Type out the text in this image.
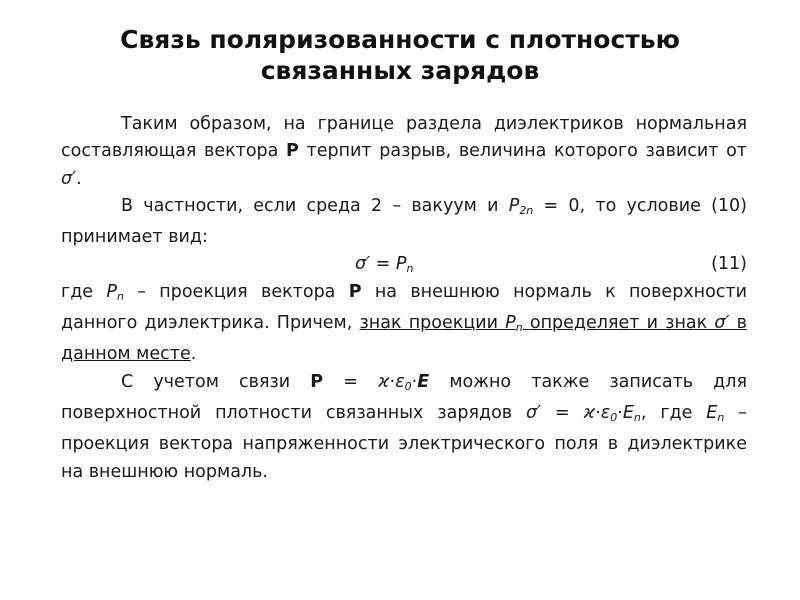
Связь поляризованности с плотностью
связанных зарядов

Таким образом, на границе раздела диэлектриков нормальная составляющая вектора P терпит разрыв, величина которого зависит от σ′.

В частности, если среда 2 – вакуум и $P_{2n} = 0$, то условие (10) принимает вид:

$\sigma' = P_n$	(11)

где $P_n$ – проекция вектора P на внешнюю нормаль к поверхности данного диэлектрика. Причем, знак проекции $P_n$ определяет и знак σ′ в данном месте.

С учетом связи $P = ϰ\cdot\varepsilon_0\cdot E$ можно также записать для поверхностной плотности связанных зарядов $\sigma' = ϰ\cdot\varepsilon_0\cdot E_n$, где $E_n$ – проекция вектора напряженности электрического поля в диэлектрике на внешнюю нормаль.
